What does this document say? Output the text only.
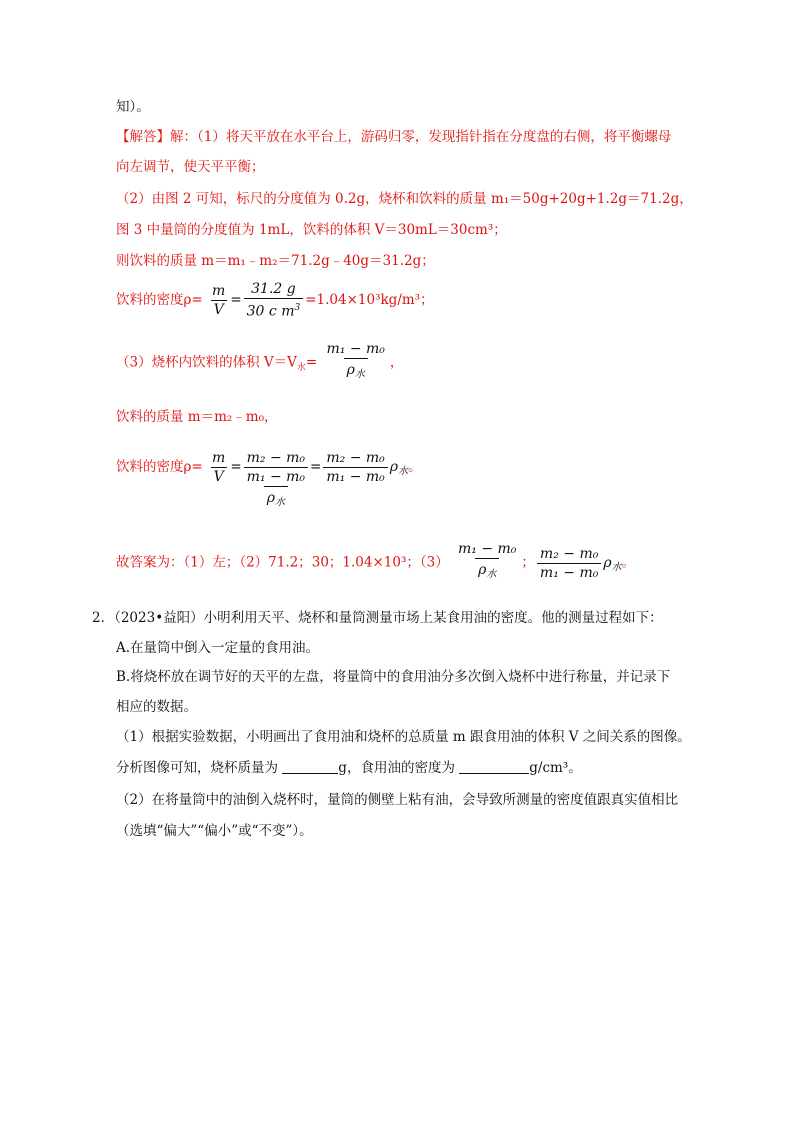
知）。
【解答】解：（1）将天平放在水平台上，游码归零，发现指针指在分度盘的右侧，将平衡螺母
向左调节，使天平平衡；
（2）由图 2 可知，标尺的分度值为 0.2g，烧杯和饮料的质量 m₁＝50g+20g+1.2g＝71.2g，
图 3 中量筒的分度值为 1mL，饮料的体积 V＝30mL＝30cm³；
则饮料的质量 m＝m₁﹣m₂＝71.2g﹣40g＝31.2g；
饮料的密度$\rho= \frac{m}{V} = \frac{31.2 g}{30 c m^3} =1.04\times 10^3kg/m^3$；
（3）烧杯内饮料的体积 $V=V_水= \frac{\text{m₁ − m₀}}{\rho_水}$ ，
饮料的质量 m＝m₂﹣m₀，
饮料的密度$\rho= \frac{m}{V} = m_2 - m_0$
m₁ − m₀
$\rho_水 = \frac{\text{m₂ − m₀}}{\text{m₁ − m₀}} \rho_水$。
故答案为：（1）左；（2）71.2；30；1.04×10³；$(3) \frac{\text{m₁ − m₀}}{\rho_水}$ ； $\frac{\text{m₂ − m₀}}{\text{m₁ − m₀}} \rho_水$。
2．（2023•益阳）小明利用天平、烧杯和量筒测量市场上某食用油的密度。他的测量过程如下：
A.在量筒中倒入一定量的食用油。
B.将烧杯放在调节好的天平的左盘，将量筒中的食用油分多次倒入烧杯中进行称量，并记录下
相应的数据。
（1）根据实验数据，小明画出了食用油和烧杯的总质量 m 跟食用油的体积 V 之间关系的图像。
分析图像可知，烧杯质量为	g，食用油的密度为	g/cm³。
（2）在将量筒中的油倒入烧杯时，量筒的侧壁上粘有油，会导致所测量的密度值跟真实值相比
（选填“偏大”“偏小”或“不变”）。
